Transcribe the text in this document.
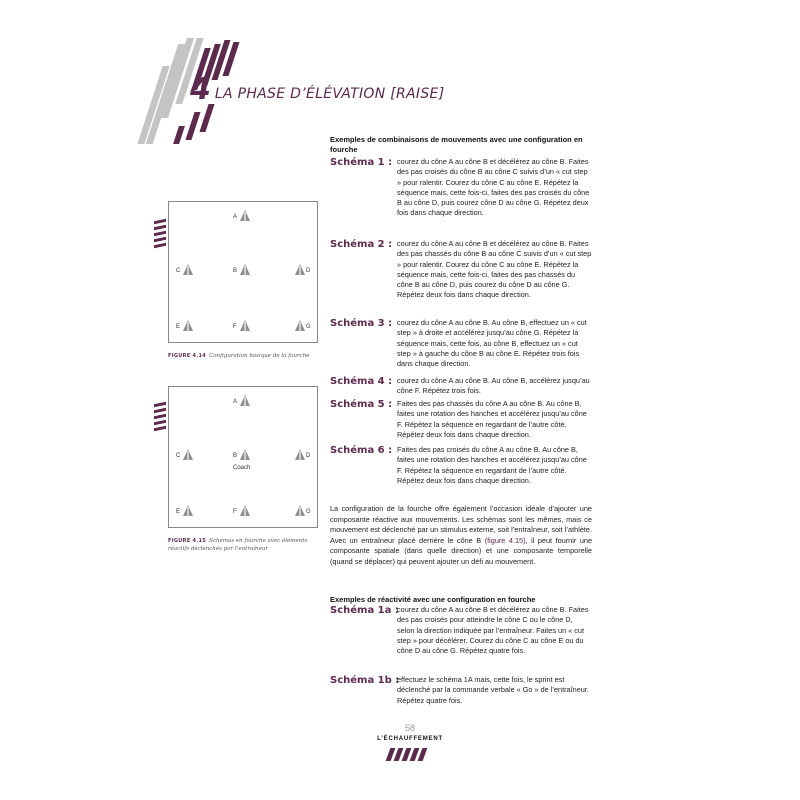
4 LA PHASE D’ÉLÉVATION [RAISE]
A
C	B	D
E	F	G
FIGURE 4.14 Configuration basique de la fourche
A
C	B
Coach
D
E	F	G
FIGURE 4.15 Schémas en fourche avec éléments réactifs déclenchés par l’entraîneur
Exemples de combinaisons de mouvements avec une configuration en fourche
Schéma 1 : courez du cône A au cône B et décélérez au cône B. Faites des pas croisés du cône B au cône C suivis d’un « cut step » pour ralentir. Courez du cône C au cône E. Répétez la séquence mais, cette fois-ci, faites des pas croisés du cône B au cône D, puis courez cône D au cône G. Répétez deux fois dans chaque direction.
Schéma 2 : courez du cône A au cône B et décélérez au cône B. Faites des pas chassés du cône B au cône C suivis d’un « cut step » pour ralentir. Courez du cône C au cône E. Répétez la séquence mais, cette fois-ci, faites des pas chassés du cône B au cône D, puis courez du cône D au cône G. Répétez deux fois dans chaque direction.
Schéma 3 : courez du cône A au cône B. Au cône B, effectuez un « cut step » à droite et accélérez jusqu’au cône G. Répétez la séquence mais, cette fois, au cône B, effectuez un « cut step » à gauche du cône B au cône E. Répétez trois fois dans chaque direction.
Schéma 4 : courez du cône A au cône B. Au cône B, accélérez jusqu’au cône F. Répétez trois fois.
Schéma 5 : Faites des pas chassés du cône A au cône B. Au cône B, faites une rotation des hanches et accélérez jusqu’au cône F. Répétez la séquence en regardant de l’autre côté. Répétez deux fois dans chaque direction.
Schéma 6 : Faites des pas croisés du cône A au cône B. Au cône B, faites une rotation des hanches et accélérez jusqu’au cône F. Répétez la séquence en regardant de l’autre côté. Répétez deux fois dans chaque direction.
La configuration de la fourche offre également l’occasion idéale d’ajouter une composante réactive aux mouvements. Les schémas sont les mêmes, mais ce mouvement est déclenché par un stimulus externe, soit l’entraîneur, soit l’athlète. Avec un entraîneur placé derrière le cône B (figure 4.15), il peut fournir une composante spatiale (dans quelle direction) et une composante temporelle (quand se déplacer) qui peuvent ajouter un défi au mouvement.
Exemples de réactivité avec une configuration en fourche
Schéma 1a :
courez du cône A au cône B et décélérez au cône B. Faites des pas croisés pour atteindre le cône C ou le cône D, selon la direction indiquée par l’entraîneur. Faites un « cut step » pour décélérer. Courez du cône C au cône E ou du cône D au cône G. Répétez quatre fois.
Schéma 1b :
effectuez le schéma 1A mais, cette fois, le sprint est déclenché par la commande verbale « Go » de l’entraîneur. Répétez quatre fois.
58
L’ÉCHAUFFEMENT
